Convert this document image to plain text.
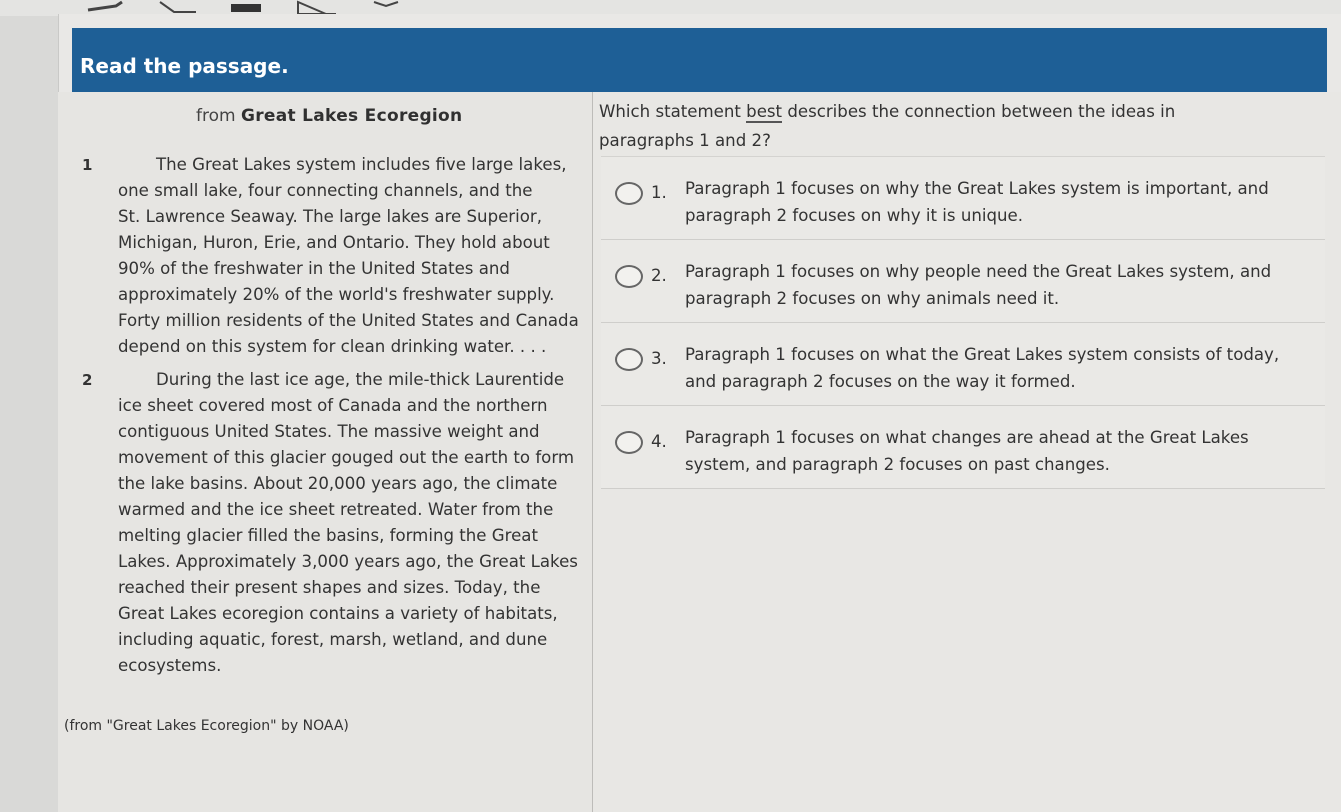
Read the passage.
from Great Lakes Ecoregion
1	The Great Lakes system includes five large lakes,
one small lake, four connecting channels, and the
St. Lawrence Seaway. The large lakes are Superior,
Michigan, Huron, Erie, and Ontario. They hold about
90% of the freshwater in the United States and
approximately 20% of the world's freshwater supply.
Forty million residents of the United States and Canada
depend on this system for clean drinking water. . . .
2	During the last ice age, the mile-thick Laurentide
ice sheet covered most of Canada and the northern
contiguous United States. The massive weight and
movement of this glacier gouged out the earth to form
the lake basins. About 20,000 years ago, the climate
warmed and the ice sheet retreated. Water from the
melting glacier filled the basins, forming the Great
Lakes. Approximately 3,000 years ago, the Great Lakes
reached their present shapes and sizes. Today, the
Great Lakes ecoregion contains a variety of habitats,
including aquatic, forest, marsh, wetland, and dune
ecosystems.
(from "Great Lakes Ecoregion" by NOAA)
Which statement best describes the connection between the ideas in
paragraphs 1 and 2?
1. Paragraph 1 focuses on why the Great Lakes system is important, and
paragraph 2 focuses on why it is unique.
2. Paragraph 1 focuses on why people need the Great Lakes system, and
paragraph 2 focuses on why animals need it.
3. Paragraph 1 focuses on what the Great Lakes system consists of today,
and paragraph 2 focuses on the way it formed.
4. Paragraph 1 focuses on what changes are ahead at the Great Lakes
system, and paragraph 2 focuses on past changes.
